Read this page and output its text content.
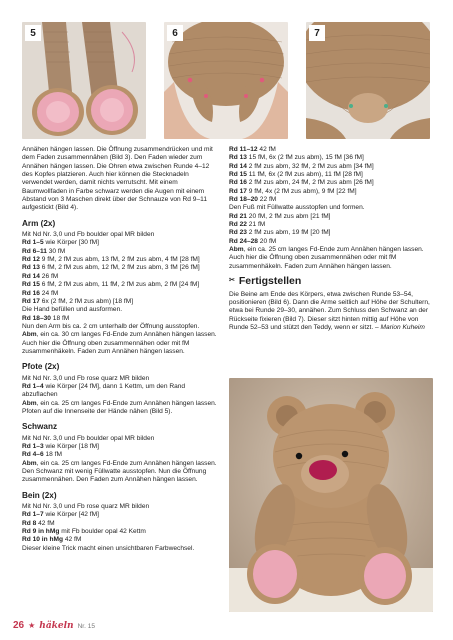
5	6	7

Annähen hängen lassen. Die Öffnung zusammendrücken und mit dem Faden zusammennähen (Bild 3). Den Faden wieder zum Annähen hängen lassen. Die Ohren etwa zwischen Runde 4–12 des Kopfes platzieren. Auch hier können die Stecknadeln verwendet werden, damit nichts verrutscht. Mit einem Baumwollfaden in Farbe schwarz werden die Augen mit einem Abstand von 3 Maschen direkt über der Schnauze von Rd 9–11 aufgestickt (Bild 4).

Arm (2x)

Mit Nd Nr. 3,0 und Fb boulder opal MR bilden

Rd 1–5 wie Körper [30 fM]

Rd 6–11 30 fM

Rd 12 9 fM, 2 fM zus abm, 13 fM, 2 fM zus abm, 4 fM [28 fM]

Rd 13 6 fM, 2 fM zus abm, 12 fM, 2 fM zus abm, 3 fM [26 fM]

Rd 14 26 fM

Rd 15 6 fM, 2 fM zus abm, 11 fM, 2 fM zus abm, 2 fM [24 fM]

Rd 16 24 fM

Rd 17 6x (2 fM, 2 fM zus abm) [18 fM]

Die Hand befüllen und ausformen.

Rd 18–30 18 fM

Nun den Arm bis ca. 2 cm unterhalb der Öffnung ausstopfen.

Abm, ein ca. 30 cm langes Fd-Ende zum Annähen hängen lassen. Auch hier die Öffnung oben zusammennähen oder mit fM zusammenhäkeln. Faden zum Annähen hängen lassen.

Pfote (2x)

Mit Nd Nr. 3,0 und Fb rose quarz MR bilden

Rd 1–4 wie Körper [24 fM], dann 1 Kettm, um den Rand abzuflachen

Abm, ein ca. 25 cm langes Fd-Ende zum Annähen hängen lassen. Pfoten auf die Innenseite der Hände nähen (Bild 5).

Schwanz

Mit Nd Nr. 3,0 und Fb boulder opal MR bilden

Rd 1–3 wie Körper [18 fM]

Rd 4–6 18 fM

Abm, ein ca. 25 cm langes Fd-Ende zum Annähen hängen lassen. Den Schwanz mit wenig Füllwatte ausstopfen. Nun die Öffnung zusammennähen. Den Faden zum Annähen hängen lassen.

Bein (2x)

Mit Nd Nr. 3,0 und Fb rose quarz MR bilden

Rd 1–7 wie Körper [42 fM]

Rd 8 42 fM

Rd 9 in hMg mit Fb boulder opal 42 Kettm

Rd 10 in hMg 42 fM

Dieser kleine Trick macht einen unsichtbaren Farbwechsel.

Rd 11–12 42 fM

Rd 13 15 fM, 6x (2 fM zus abm), 15 fM [36 fM]

Rd 14 2 fM zus abm, 32 fM, 2 fM zus abm [34 fM]

Rd 15 11 fM, 6x (2 fM zus abm), 11 fM [28 fM]

Rd 16 2 fM zus abm, 24 fM, 2 fM zus abm [26 fM]

Rd 17 9 fM, 4x (2 fM zus abm), 9 fM [22 fM]

Rd 18–20 22 fM

Den Fuß mit Füllwatte ausstopfen und formen.

Rd 21 20 fM, 2 fM zus abm [21 fM]

Rd 22 21 fM

Rd 23 2 fM zus abm, 19 fM [20 fM]

Rd 24–28 20 fM

Abm, ein ca. 25 cm langes Fd-Ende zum Annähen hängen lassen. Auch hier die Öffnung oben zusammennähen oder mit fM zusammenhäkeln. Faden zum Annähen hängen lassen.

✂ Fertigstellen

Die Beine am Ende des Körpers, etwa zwischen Runde 53–54, positionieren (Bild 6). Dann die Arme seitlich auf Höhe der Schultern, etwa bei Runde 29–30, annähen. Zum Schluss den Schwanz an der Rückseite fixieren (Bild 7). Dieser sitzt hinten mittig auf Höhe von Runde 52–53 und stützt den Teddy, wenn er sitzt. – Marion Kuheim

26 ★ häkeln Nr. 15
